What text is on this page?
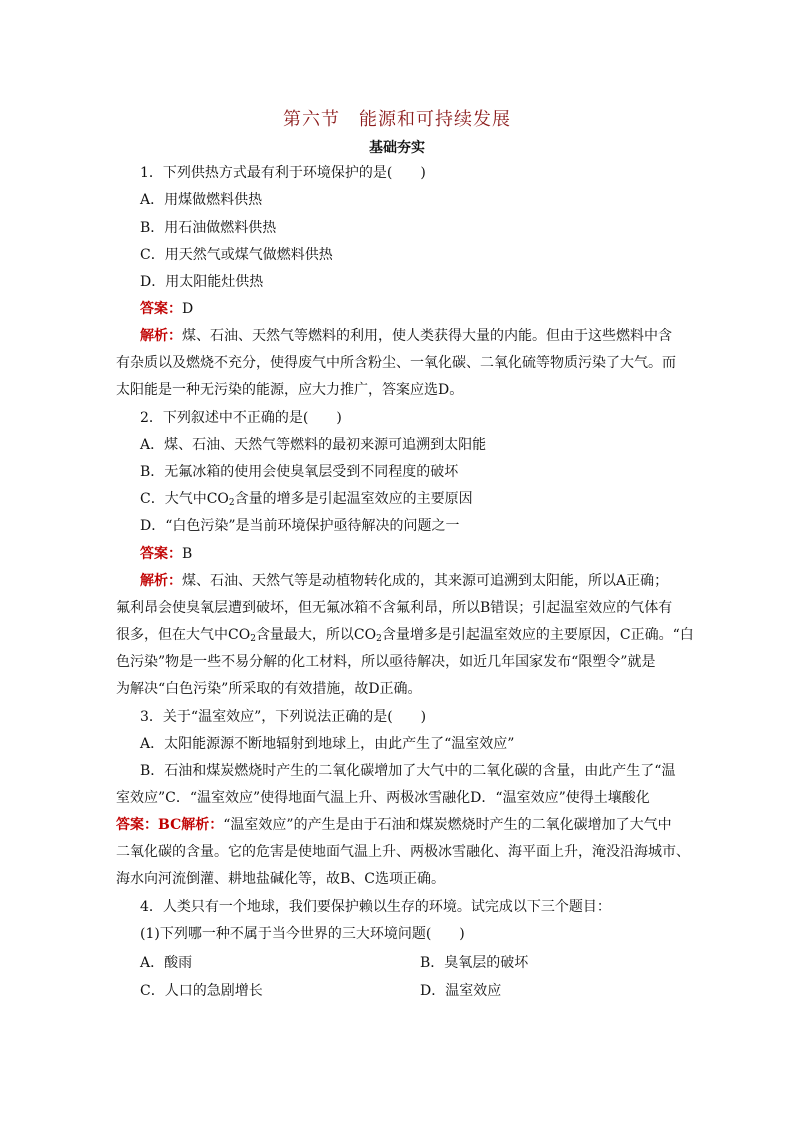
第六节　能源和可持续发展
基础夯实
1．下列供热方式最有利于环境保护的是(　　)
A．用煤做燃料供热
B．用石油做燃料供热
C．用天然气或煤气做燃料供热
D．用太阳能灶供热
答案：D
解析：煤、石油、天然气等燃料的利用，使人类获得大量的内能。但由于这些燃料中含
有杂质以及燃烧不充分，使得废气中所含粉尘、一氧化碳、二氧化硫等物质污染了大气。而
太阳能是一种无污染的能源，应大力推广，答案应选D。
2．下列叙述中不正确的是(　　)
A．煤、石油、天然气等燃料的最初来源可追溯到太阳能
B．无氟冰箱的使用会使臭氧层受到不同程度的破坏
C．大气中$CO_2$含量的增多是引起温室效应的主要原因
D．“白色污染”是当前环境保护亟待解决的问题之一
答案：B
解析：煤、石油、天然气等是动植物转化成的，其来源可追溯到太阳能，所以A正确；
氟利昂会使臭氧层遭到破坏，但无氟冰箱不含氟利昂，所以B错误；引起温室效应的气体有
很多，但在大气中$CO_2$含量最大，所以$CO_2$含量增多是引起温室效应的主要原因，C正确。“白
色污染”物是一些不易分解的化工材料，所以亟待解决，如近几年国家发布“限塑令”就是
为解决“白色污染”所采取的有效措施，故D正确。
3．关于“温室效应”，下列说法正确的是(　　)
A．太阳能源源不断地辐射到地球上，由此产生了“温室效应”
B．石油和煤炭燃烧时产生的二氧化碳增加了大气中的二氧化碳的含量，由此产生了“温
室效应”C．“温室效应”使得地面气温上升、两极冰雪融化D．“温室效应”使得土壤酸化
答案：BC解析：“温室效应”的产生是由于石油和煤炭燃烧时产生的二氧化碳增加了大气中
二氧化碳的含量。它的危害是使地面气温上升、两极冰雪融化、海平面上升，淹没沿海城市、
海水向河流倒灌、耕地盐碱化等，故B、C选项正确。
4．人类只有一个地球，我们要保护赖以生存的环境。试完成以下三个题目：
(1)下列哪一种不属于当今世界的三大环境问题(　　)
A．酸雨	B．臭氧层的破坏
C．人口的急剧增长	D．温室效应
